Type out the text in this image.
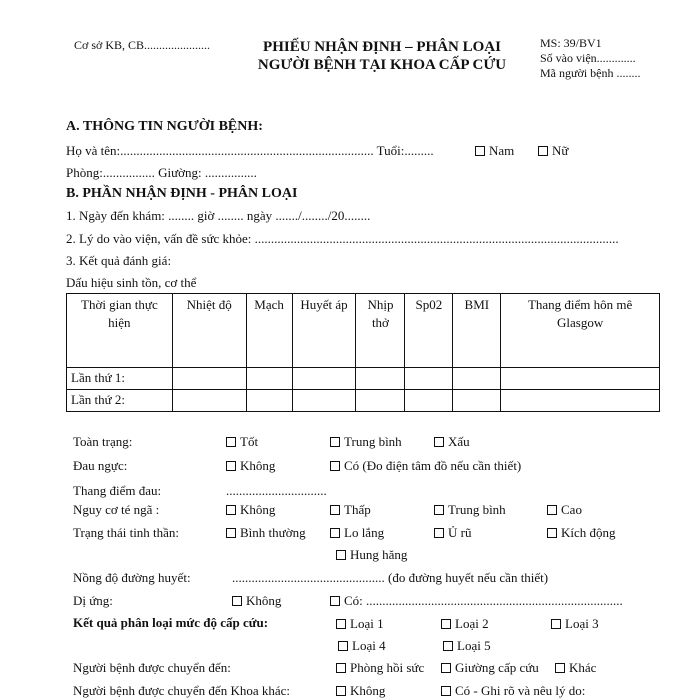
Cơ sở KB, CB......................	PHIẾU NHẬN ĐỊNH – PHÂN LOẠI
NGƯỜI BỆNH TẠI KHOA CẤP CỨU
MS: 39/BV1
Số vào viện.............
Mã người bệnh ........
A. THÔNG TIN NGƯỜI BỆNH:
Họ và tên:.............................................................................. Tuổi:.........	Nam	Nữ
Phòng:................ Giường: ................
B. PHẦN NHẬN ĐỊNH - PHÂN LOẠI
1. Ngày đến khám: ........ giờ ........ ngày ......./......../20........
2. Lý do vào viện, vấn đề sức khỏe: ................................................................................................................
3. Kết quả đánh giá:
Dấu hiệu sinh tồn, cơ thể
Thời gian thực hiện	Nhiệt độ	Mạch	Huyết áp	Nhịp thở	Sp02	BMI	Thang điểm hôn mê Glasgow
Lần thứ 1:							
Lần thứ 2:							
Toàn trạng:	Tốt	Trung bình	Xấu
Đau ngực:	Không	Có (Đo điện tâm đồ nếu cần thiết)
Thang điểm đau:	...............................
Nguy cơ té ngã :	Không	Thấp	Trung bình	Cao
Trạng thái tinh thần:	Bình thường	Lo lắng	Ủ rũ	Kích động
Hung hăng
Nồng độ đường huyết:	............................................... (đo đường huyết nếu cần thiết)
Dị ứng:	Không	Có: ...............................................................................
Kết quả phân loại mức độ cấp cứu:	Loại 1	Loại 2	Loại 3
Loại 4	Loại 5
Người bệnh được chuyển đến:	Phòng hồi sức	Giường cấp cứu	Khác
Người bệnh được chuyển đến Khoa khác:	Không	Có - Ghi rõ và nêu lý do:
